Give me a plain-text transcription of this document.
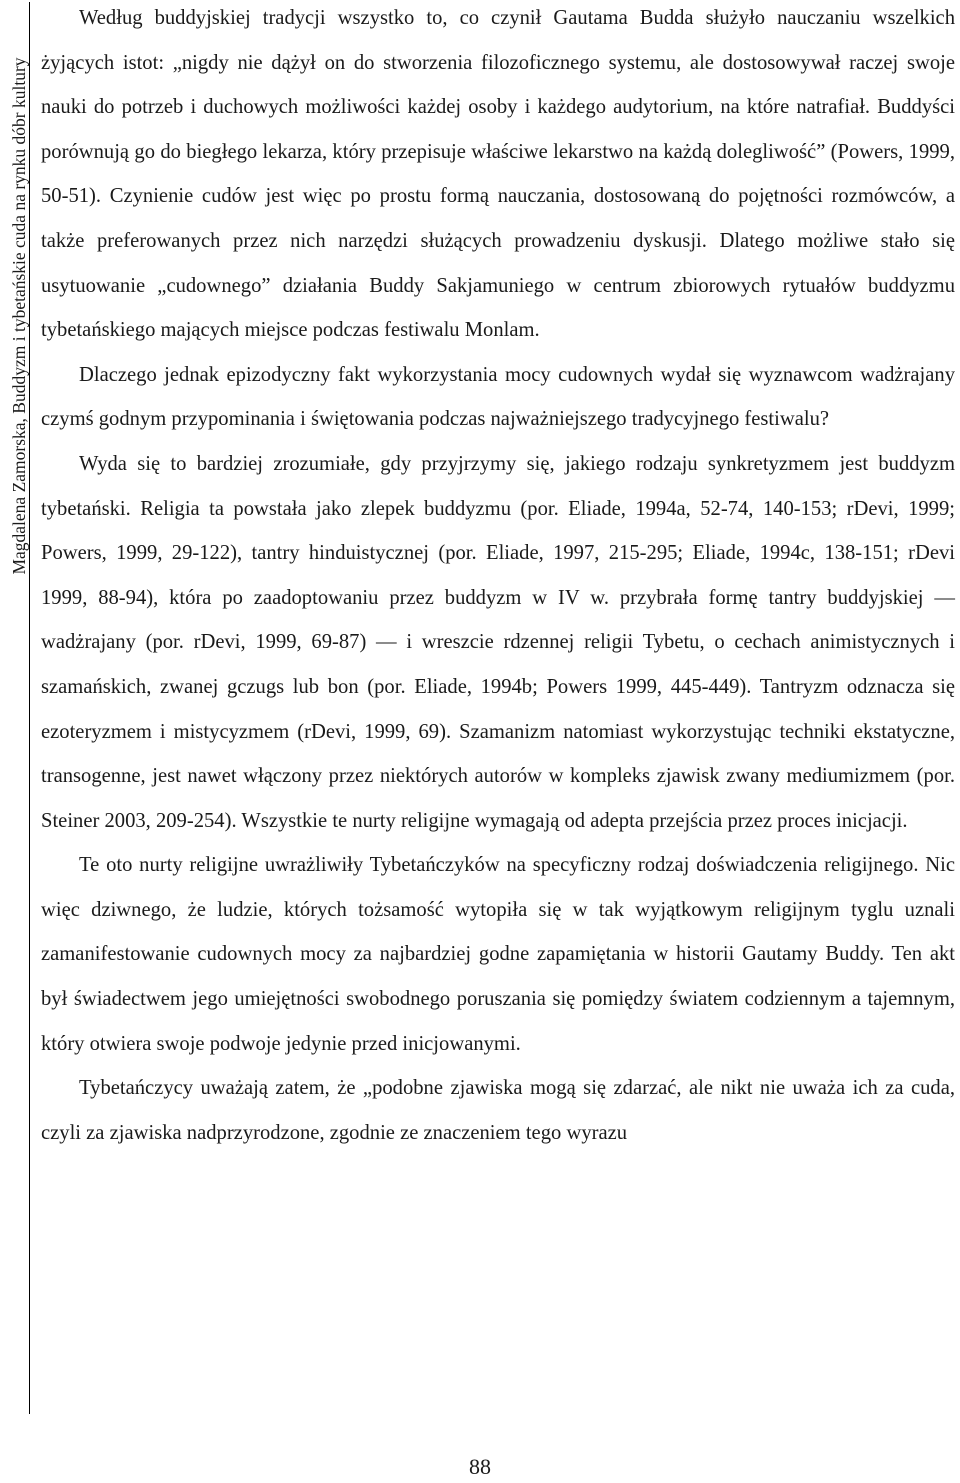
Magdalena Zamorska, Buddyzm i tybetańskie cuda na rynku dóbr kultury

Według buddyjskiej tradycji wszystko to, co czynił Gautama Budda służyło nauczaniu wszelkich żyjących istot: „nigdy nie dążył on do stworzenia filozoficznego systemu, ale dostosowywał raczej swoje nauki do potrzeb i duchowych możliwości każdej osoby i każdego audytorium, na które natrafiał. Buddyści porównują go do biegłego lekarza, który przepisuje właściwe lekarstwo na każdą dolegliwość” (Powers, 1999, 50-51). Czynienie cudów jest więc po prostu formą nauczania, dostosowaną do pojętności rozmówców, a także preferowanych przez nich narzędzi służących prowadzeniu dyskusji. Dlatego możliwe stało się usytuowanie „cudownego” działania Buddy Sakjamuniego w centrum zbiorowych rytuałów buddyzmu tybetańskiego mających miejsce podczas festiwalu Monlam.

Dlaczego jednak epizodyczny fakt wykorzystania mocy cudownych wydał się wyznawcom wadżrajany czymś godnym przypominania i świętowania podczas najważniejszego tradycyjnego festiwalu?

Wyda się to bardziej zrozumiałe, gdy przyjrzymy się, jakiego rodzaju synkretyzmem jest buddyzm tybetański. Religia ta powstała jako zlepek buddyzmu (por. Eliade, 1994a, 52-74, 140-153; rDevi, 1999; Powers, 1999, 29-122), tantry hinduistycznej (por. Eliade, 1997, 215-295; Eliade, 1994c, 138-151; rDevi 1999, 88-94), która po zaadoptowaniu przez buddyzm w IV w. przybrała formę tantry buddyjskiej — wadżrajany (por. rDevi, 1999, 69-87) — i wreszcie rdzennej religii Tybetu, o cechach animistycznych i szamańskich, zwanej gczugs lub bon (por. Eliade, 1994b; Powers 1999, 445-449). Tantryzm odznacza się ezoteryzmem i mistycyzmem (rDevi, 1999, 69). Szamanizm natomiast wykorzystując techniki ekstatyczne, transogenne, jest nawet włączony przez niektórych autorów w kompleks zjawisk zwany mediumizmem (por. Steiner 2003, 209-254). Wszystkie te nurty religijne wymagają od adepta przejścia przez proces inicjacji.

Te oto nurty religijne uwrażliwiły Tybetańczyków na specyficzny rodzaj doświadczenia religijnego. Nic więc dziwnego, że ludzie, których tożsamość wytopiła się w tak wyjątkowym religijnym tyglu uznali zamanifestowanie cudownych mocy za najbardziej godne zapamiętania w historii Gautamy Buddy. Ten akt był świadectwem jego umiejętności swobodnego poruszania się pomiędzy światem codziennym a tajemnym, który otwiera swoje podwoje jedynie przed inicjowanymi.

Tybetańczycy uważają zatem, że „podobne zjawiska mogą się zdarzać, ale nikt nie uważa ich za cuda, czyli za zjawiska nadprzyrodzone, zgodnie ze znaczeniem tego wyrazu

88
